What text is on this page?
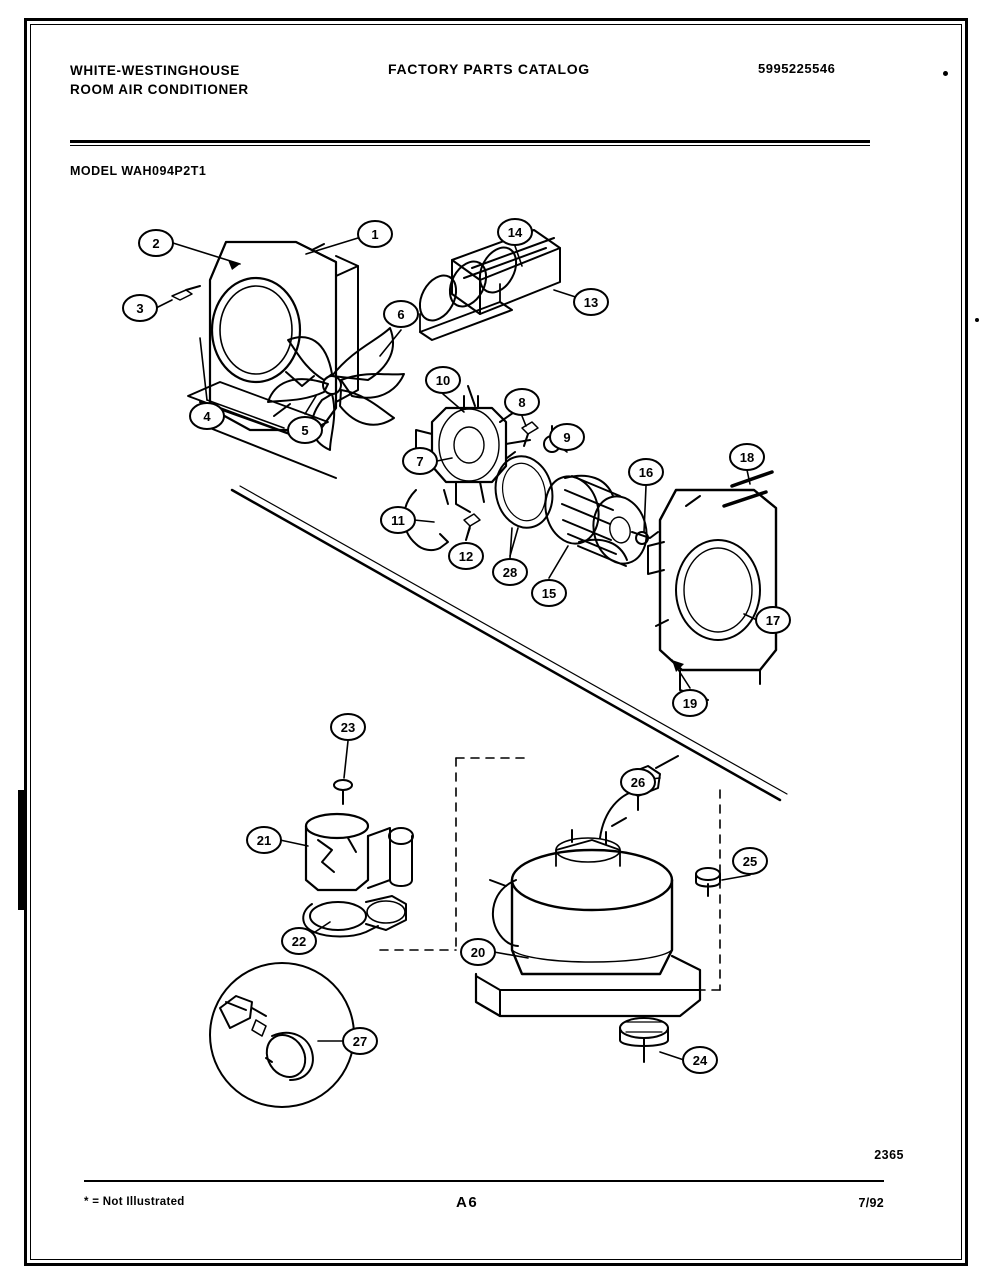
WHITE-WESTINGHOUSE
ROOM AIR CONDITIONER
FACTORY PARTS CATALOG	5995225546
MODEL WAH094P2T1
1
2
3
4
5
6
7
8
9
10
11
12
13
14
15
16
17
18
19
20
21
22
23
24
25
26
27
28
2365
* = Not Illustrated	A6	7/92
